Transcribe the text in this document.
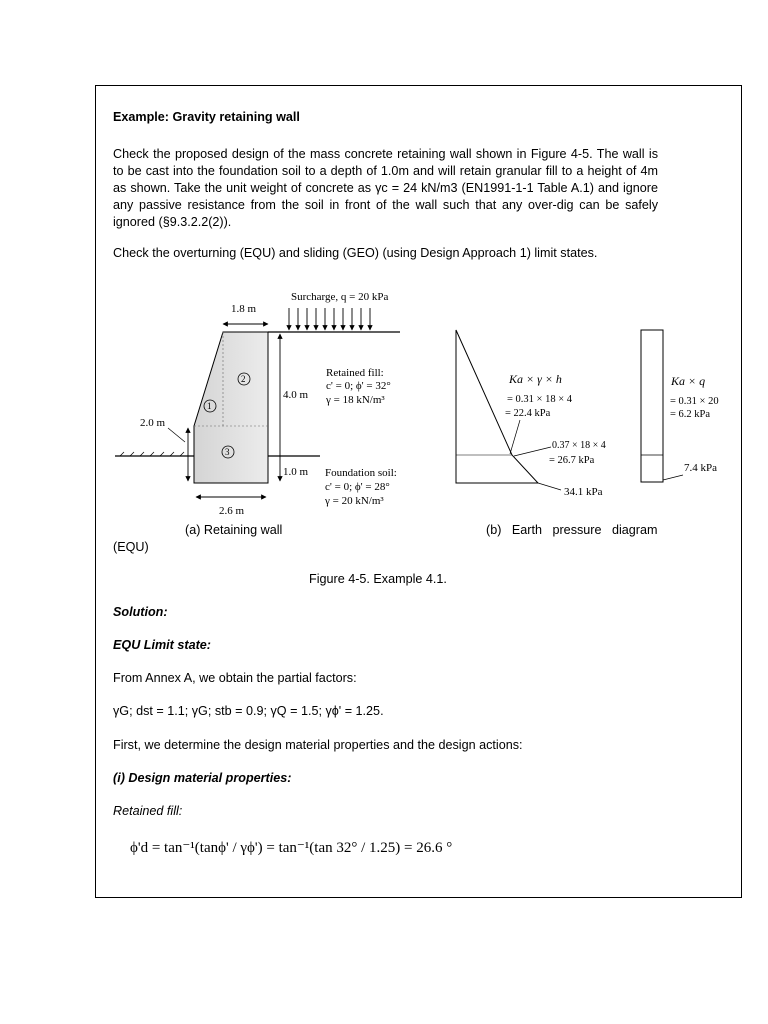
Example: Gravity retaining wall

Check the proposed design of the mass concrete retaining wall shown in Figure 4-5. The wall is to be cast into the foundation soil to a depth of 1.0m and will retain granular fill to a height of 4m as shown. Take the unit weight of concrete as γc = 24 kN/m3 (EN1991-1-1 Table A.1) and ignore any passive resistance from the soil in front of the wall such that any over-dig can be safely ignored (§9.3.2.2(2)).

Check the overturning (EQU) and sliding (GEO) (using Design Approach 1) limit states.

Surcharge, q = 20 kPa
1.8 m
4.0 m
1.0 m
2.0 m
2.6 m
2
1
3
Retained fill:
c' = 0; ϕ' = 32°
γ = 18 kN/m³
Foundation soil:
c' = 0; ϕ' = 28°
γ = 20 kN/m³
Ka × γ × h
= 0.31 × 18 × 4
= 22.4 kPa
0.37 × 18 × 4
= 26.7 kPa
34.1 kPa
Ka × q
= 0.31 × 20
= 6.2 kPa
7.4 kPa
(a) Retaining wall	(b)   Earth   pressure   diagram
(EQU)
Figure 4-5. Example 4.1.

Solution:

EQU Limit state:

From Annex A, we obtain the partial factors:

γG; dst = 1.1; γG; stb = 0.9; γQ = 1.5; γϕ' = 1.25.

First, we determine the design material properties and the design actions:

(i) Design material properties:

Retained fill:

ϕ'd = tan⁻¹(tanϕ' / γϕ') = tan⁻¹(tan 32° / 1.25) = 26.6 °
